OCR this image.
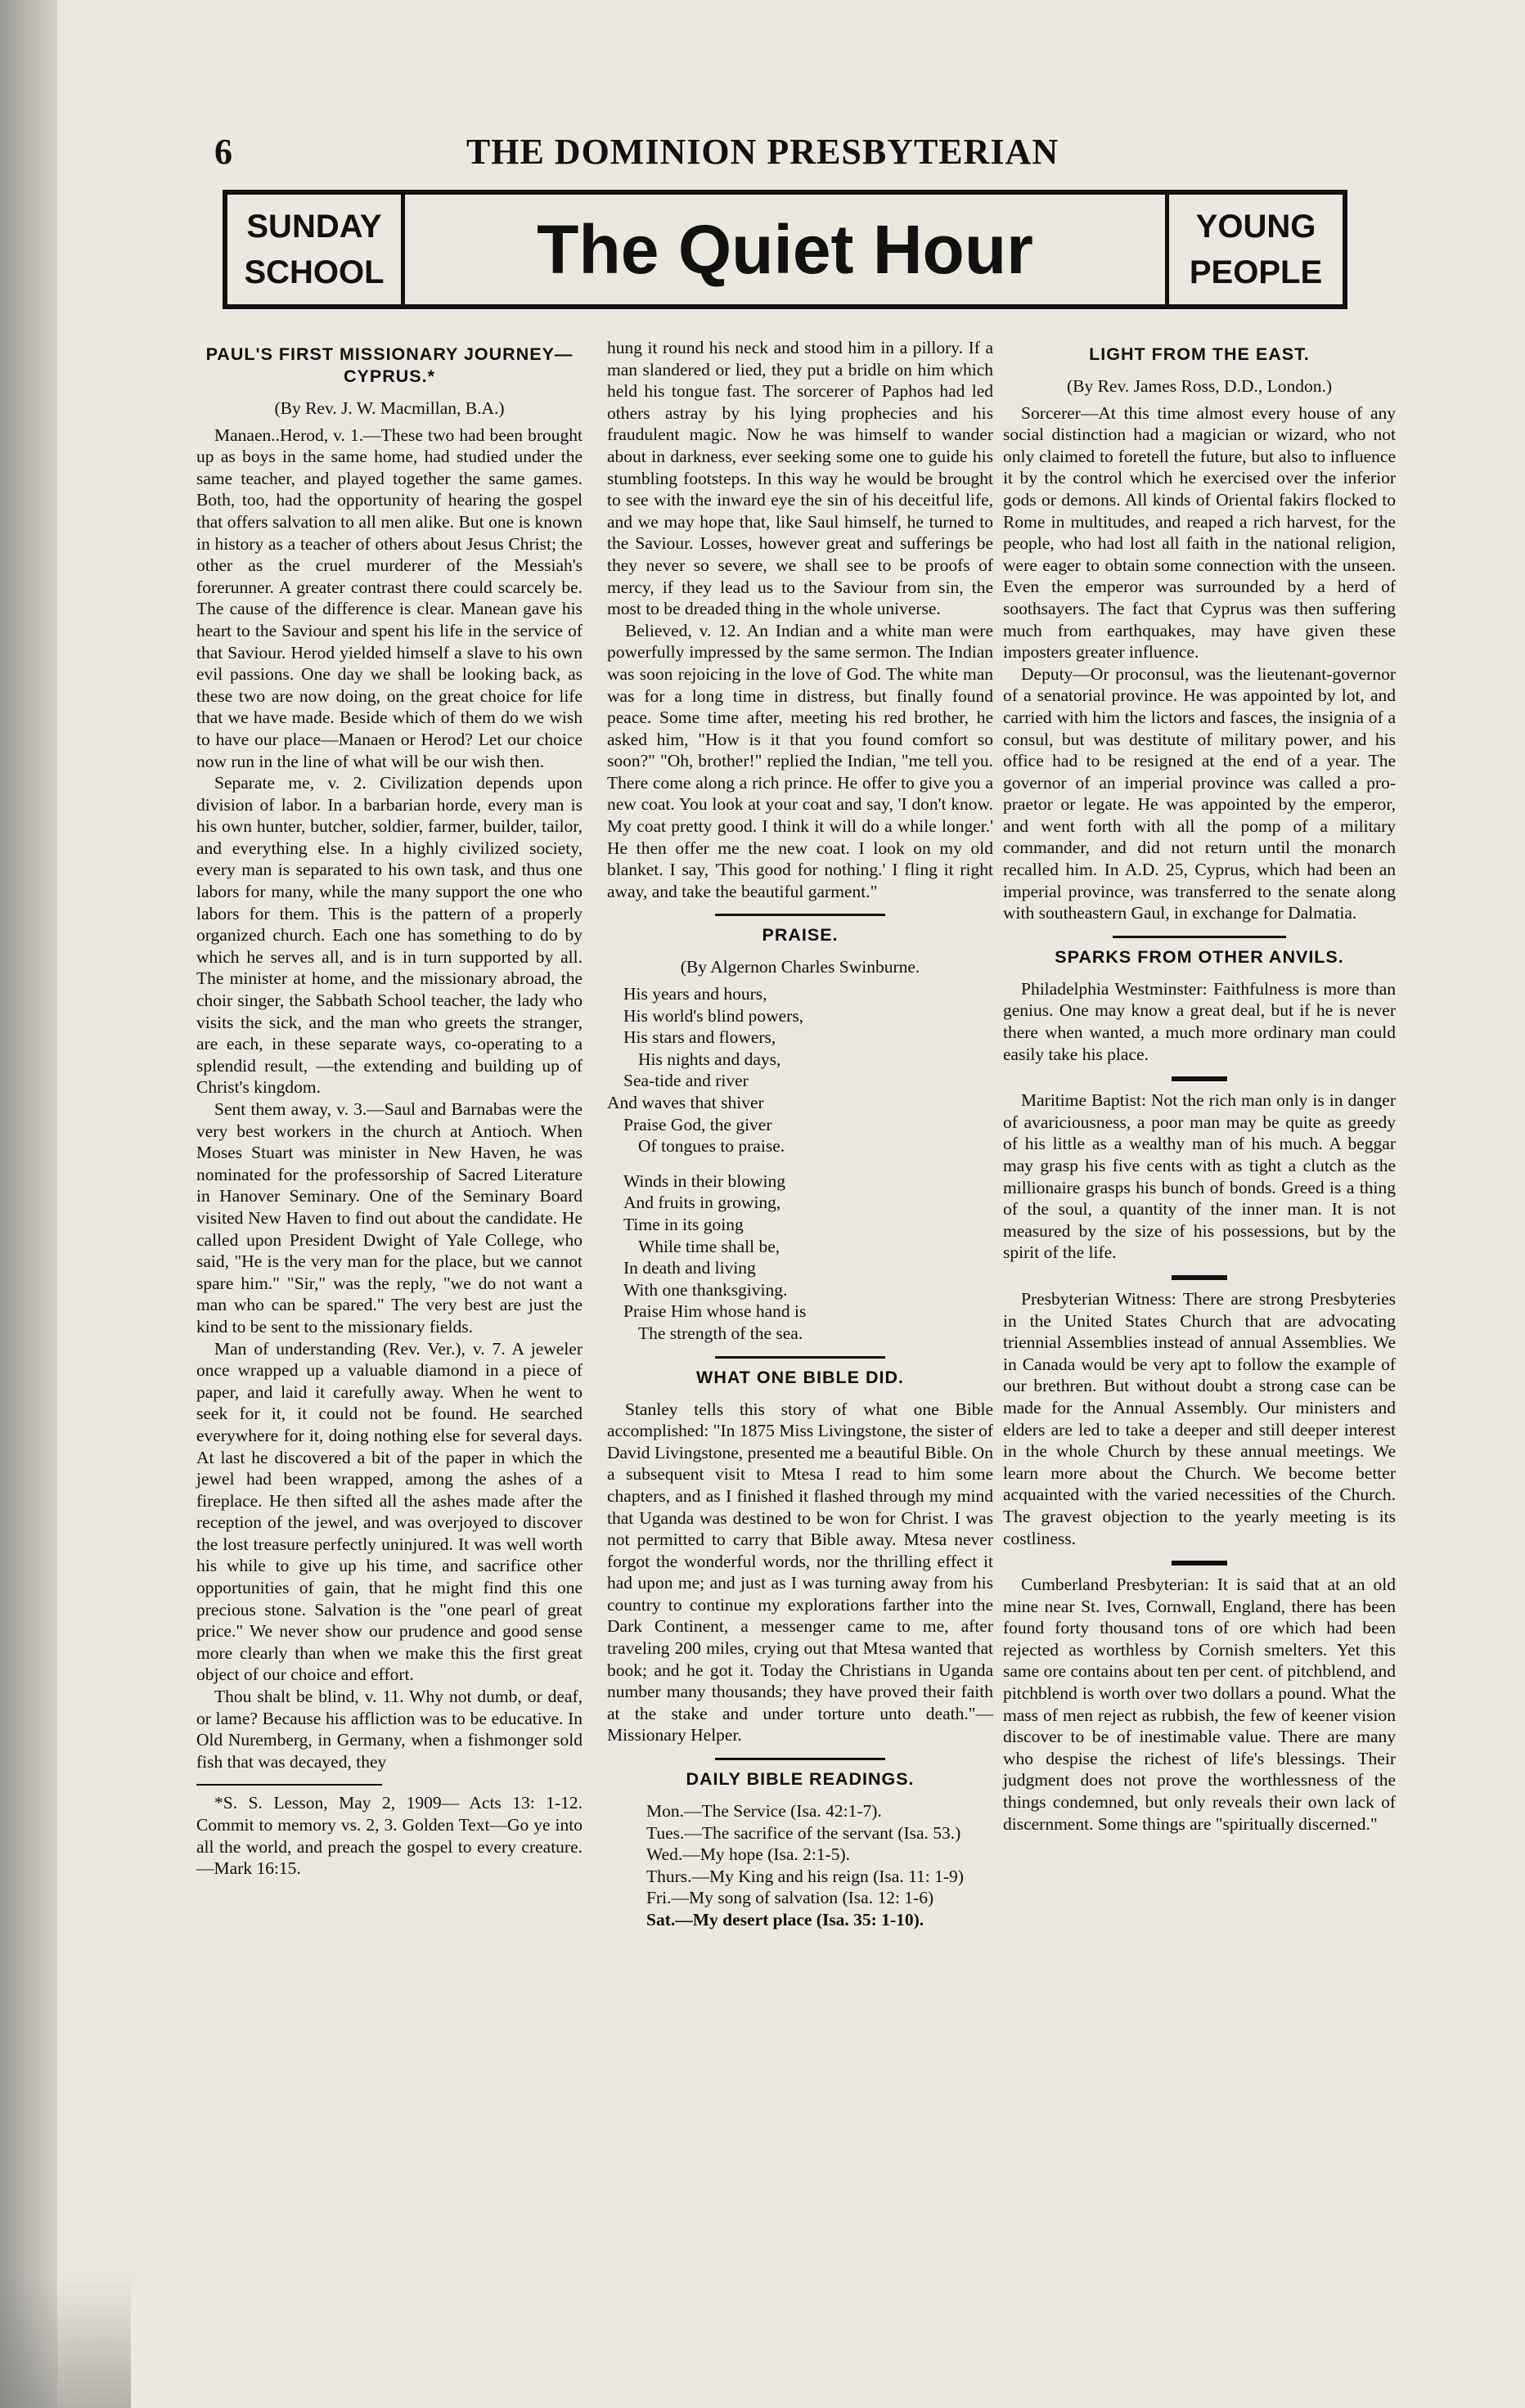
6	THE DOMINION PRESBYTERIAN
SUNDAY
SCHOOL	The Quiet Hour	YOUNG
PEOPLE
PAUL'S FIRST MISSIONARY JOURNEY—CYPRUS.*

(By Rev. J. W. Macmillan, B.A.)

Manaen..Herod, v. 1.—These two had been brought up as boys in the same home, had studied under the same teacher, and played together the same games. Both, too, had the opportunity of hearing the gospel that offers salvation to all men alike. But one is known in history as a teacher of others about Jesus Christ; the other as the cruel murderer of the Messiah's forerunner. A greater contrast there could scarcely be. The cause of the difference is clear. Manean gave his heart to the Saviour and spent his life in the service of that Saviour. Herod yielded himself a slave to his own evil passions. One day we shall be looking back, as these two are now doing, on the great choice for life that we have made. Beside which of them do we wish to have our place—Manaen or Herod? Let our choice now run in the line of what will be our wish then.

Separate me, v. 2. Civilization depends upon division of labor. In a barbarian horde, every man is his own hunter, butcher, soldier, farmer, builder, tailor, and everything else. In a highly civilized society, every man is separated to his own task, and thus one labors for many, while the many support the one who labors for them. This is the pattern of a properly organized church. Each one has something to do by which he serves all, and is in turn supported by all. The minister at home, and the missionary abroad, the choir singer, the Sabbath School teacher, the lady who visits the sick, and the man who greets the stranger, are each, in these separate ways, co-operating to a splendid result, —the extending and building up of Christ's kingdom.

Sent them away, v. 3.—Saul and Barnabas were the very best workers in the church at Antioch. When Moses Stuart was minister in New Haven, he was nominated for the professorship of Sacred Literature in Hanover Seminary. One of the Seminary Board visited New Haven to find out about the candidate. He called upon President Dwight of Yale College, who said, "He is the very man for the place, but we cannot spare him." "Sir," was the reply, "we do not want a man who can be spared." The very best are just the kind to be sent to the missionary fields.

Man of understanding (Rev. Ver.), v. 7. A jeweler once wrapped up a valuable diamond in a piece of paper, and laid it carefully away. When he went to seek for it, it could not be found. He searched everywhere for it, doing nothing else for several days. At last he discovered a bit of the paper in which the jewel had been wrapped, among the ashes of a fireplace. He then sifted all the ashes made after the reception of the jewel, and was overjoyed to discover the lost treasure perfectly uninjured. It was well worth his while to give up his time, and sacrifice other opportunities of gain, that he might find this one precious stone. Salvation is the "one pearl of great price." We never show our prudence and good sense more clearly than when we make this the first great object of our choice and effort.

Thou shalt be blind, v. 11. Why not dumb, or deaf, or lame? Because his affliction was to be educative. In Old Nuremberg, in Germany, when a fishmonger sold fish that was decayed, they

*S. S. Lesson, May 2, 1909— Acts 13: 1-12. Commit to memory vs. 2, 3. Golden Text—Go ye into all the world, and preach the gospel to every creature.—Mark 16:15.

hung it round his neck and stood him in a pillory. If a man slandered or lied, they put a bridle on him which held his tongue fast. The sorcerer of Paphos had led others astray by his lying prophecies and his fraudulent magic. Now he was himself to wander about in darkness, ever seeking some one to guide his stumbling footsteps. In this way he would be brought to see with the inward eye the sin of his deceitful life, and we may hope that, like Saul himself, he turned to the Saviour. Losses, however great and sufferings be they never so severe, we shall see to be proofs of mercy, if they lead us to the Saviour from sin, the most to be dreaded thing in the whole universe.

Believed, v. 12. An Indian and a white man were powerfully impressed by the same sermon. The Indian was soon rejoicing in the love of God. The white man was for a long time in distress, but finally found peace. Some time after, meeting his red brother, he asked him, "How is it that you found comfort so soon?" "Oh, brother!" replied the Indian, "me tell you. There come along a rich prince. He offer to give you a new coat. You look at your coat and say, 'I don't know. My coat pretty good. I think it will do a while longer.' He then offer me the new coat. I look on my old blanket. I say, 'This good for nothing.' I fling it right away, and take the beautiful garment."

PRAISE.

(By Algernon Charles Swinburne.

His years and hours,
His world's blind powers,
His stars and flowers,
His nights and days,
Sea-tide and river
And waves that shiver
Praise God, the giver
Of tongues to praise.
Winds in their blowing
And fruits in growing,
Time in its going
While time shall be,
In death and living
With one thanksgiving.
Praise Him whose hand is
The strength of the sea.
WHAT ONE BIBLE DID.

Stanley tells this story of what one Bible accomplished: "In 1875 Miss Livingstone, the sister of David Livingstone, presented me a beautiful Bible. On a subsequent visit to Mtesa I read to him some chapters, and as I finished it flashed through my mind that Uganda was destined to be won for Christ. I was not permitted to carry that Bible away. Mtesa never forgot the wonderful words, nor the thrilling effect it had upon me; and just as I was turning away from his country to continue my explorations farther into the Dark Continent, a messenger came to me, after traveling 200 miles, crying out that Mtesa wanted that book; and he got it. Today the Christians in Uganda number many thousands; they have proved their faith at the stake and under torture unto death."—Missionary Helper.

DAILY BIBLE READINGS.

Mon.—The Service (Isa. 42:1-7).

Tues.—The sacrifice of the servant (Isa. 53.)

Wed.—My hope (Isa. 2:1-5).

Thurs.—My King and his reign (Isa. 11: 1-9)

Fri.—My song of salvation (Isa. 12: 1-6)

Sat.—My desert place (Isa. 35: 1-10).

LIGHT FROM THE EAST.

(By Rev. James Ross, D.D., London.)

Sorcerer—At this time almost every house of any social distinction had a magician or wizard, who not only claimed to foretell the future, but also to influence it by the control which he exercised over the inferior gods or demons. All kinds of Oriental fakirs flocked to Rome in multitudes, and reaped a rich harvest, for the people, who had lost all faith in the national religion, were eager to obtain some connection with the unseen. Even the emperor was surrounded by a herd of soothsayers. The fact that Cyprus was then suffering much from earthquakes, may have given these imposters greater influence.

Deputy—Or proconsul, was the lieutenant-governor of a senatorial province. He was appointed by lot, and carried with him the lictors and fasces, the insignia of a consul, but was destitute of military power, and his office had to be resigned at the end of a year. The governor of an imperial province was called a pro-praetor or legate. He was appointed by the emperor, and went forth with all the pomp of a military commander, and did not return until the monarch recalled him. In A.D. 25, Cyprus, which had been an imperial province, was transferred to the senate along with southeastern Gaul, in exchange for Dalmatia.

SPARKS FROM OTHER ANVILS.

Philadelphia Westminster: Faithfulness is more than genius. One may know a great deal, but if he is never there when wanted, a much more ordinary man could easily take his place.

Maritime Baptist: Not the rich man only is in danger of avariciousness, a poor man may be quite as greedy of his little as a wealthy man of his much. A beggar may grasp his five cents with as tight a clutch as the millionaire grasps his bunch of bonds. Greed is a thing of the soul, a quantity of the inner man. It is not measured by the size of his possessions, but by the spirit of the life.

Presbyterian Witness: There are strong Presbyteries in the United States Church that are advocating triennial Assemblies instead of annual Assemblies. We in Canada would be very apt to follow the example of our brethren. But without doubt a strong case can be made for the Annual Assembly. Our ministers and elders are led to take a deeper and still deeper interest in the whole Church by these annual meetings. We learn more about the Church. We become better acquainted with the varied necessities of the Church. The gravest objection to the yearly meeting is its costliness.

Cumberland Presbyterian: It is said that at an old mine near St. Ives, Cornwall, England, there has been found forty thousand tons of ore which had been rejected as worthless by Cornish smelters. Yet this same ore contains about ten per cent. of pitchblend, and pitchblend is worth over two dollars a pound. What the mass of men reject as rubbish, the few of keener vision discover to be of inestimable value. There are many who despise the richest of life's blessings. Their judgment does not prove the worthlessness of the things condemned, but only reveals their own lack of discernment. Some things are "spiritually discerned."
